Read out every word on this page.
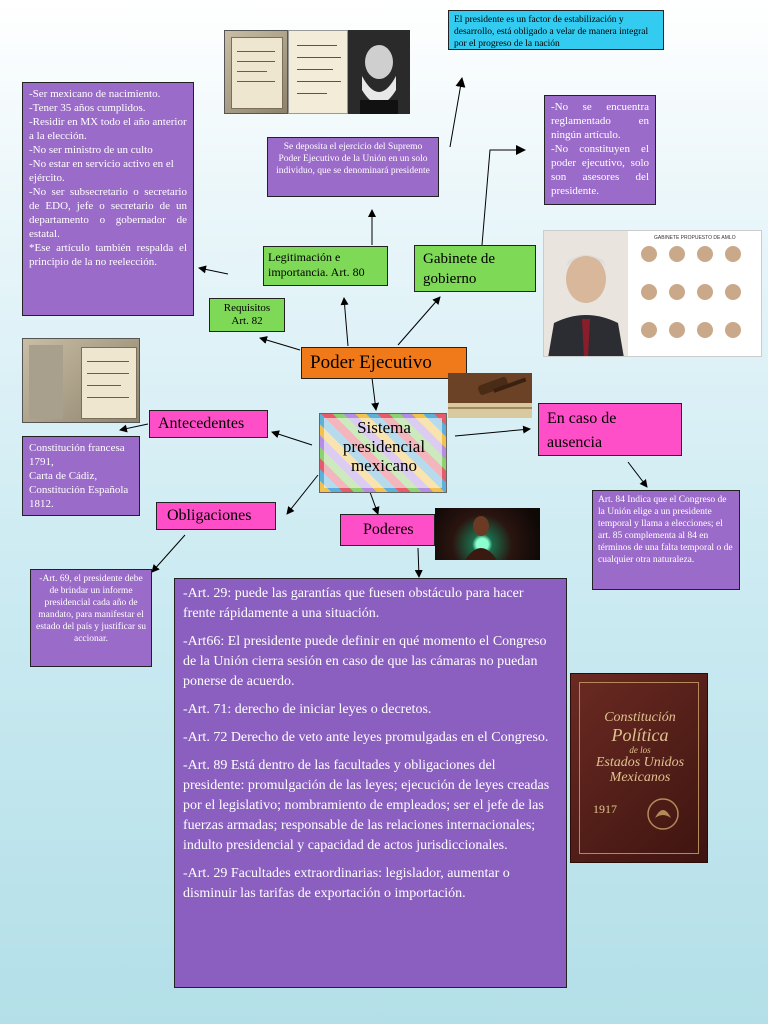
El presidente es un factor de estabilización y desarrollo, está obligado a velar de manera integral por el progreso de la nación
-Ser mexicano de nacimiento.
-Tener 35 años cumplidos.
-Residir en MX todo el año anterior a la elección.
-No ser ministro de un culto
-No estar en servicio activo en el ejército.
-No ser subsecretario o secretario de EDO, jefe o secretario de un departamento o gobernador de estatal.
*Ese artículo también respalda el principio de la no reelección.
Se deposita el ejercicio del Supremo Poder Ejecutivo de la Unión en un solo individuo, que se denominará presidente
-No se encuentra reglamentado en ningún artículo.
-No constituyen el poder ejecutivo, solo son asesores del presidente.
Legitimación e importancia. Art. 80
Gabinete de gobierno
GABINETE PROPUESTO DE AMLO
Requisitos
Art. 82
Poder Ejecutivo
Antecedentes	Sistema presidencial mexicano
Constitución francesa 1791,
Carta de Cádiz,
Constitución Española 1812.
En caso de ausencia
Art. 84 Indica que el Congreso de la Unión elige a un presidente temporal y llama a elecciones; el art. 85 complementa al 84 en términos de una falta temporal o de cualquier otra naturaleza.
Obligaciones
Poderes
-Art. 69, el presidente debe de brindar un informe presidencial cada año de mandato, para manifestar el estado del país y justificar su accionar.

-Art. 29: puede las garantías que fuesen obstáculo para hacer frente rápidamente a una situación.

-Art66: El presidente puede definir en qué momento el Congreso de la Unión cierra sesión en caso de que las cámaras no puedan ponerse de acuerdo.

-Art. 71: derecho de iniciar leyes o decretos.

-Art. 72 Derecho de veto ante leyes promulgadas en el Congreso.

-Art. 89 Está dentro de las facultades y obligaciones del presidente: promulgación de las leyes; ejecución de leyes creadas por el legislativo; nombramiento de empleados; ser el jefe de las fuerzas armadas; responsable de las relaciones internacionales; indulto presidencial y capacidad de actos jurisdiccionales.

-Art. 29 Facultades extraordinarias: legislador, aumentar o disminuir las tarifas de exportación o importación.

Constitución
Política
de los
Estados Unidos
Mexicanos
1917
